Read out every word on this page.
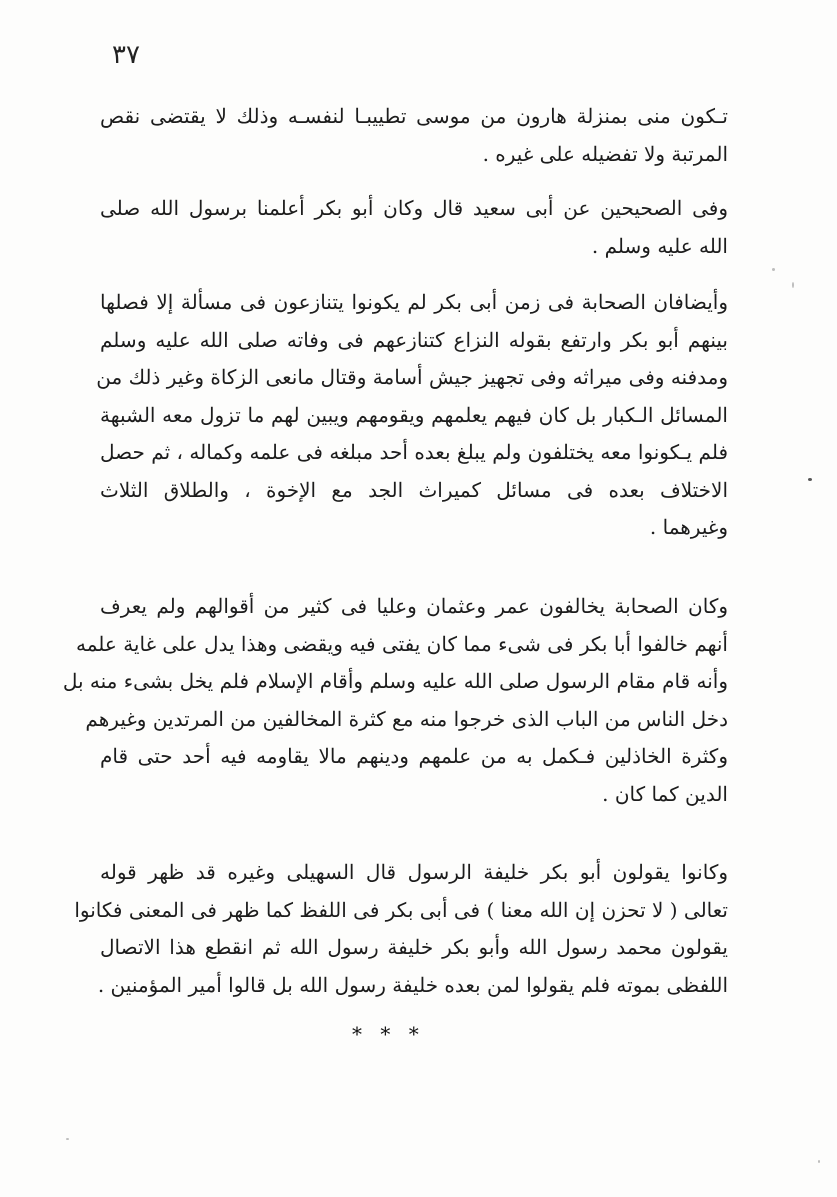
٣٧
تـكون منى بمنزلة هارون من موسى تطييبـا لنفسـه وذلك لا يقتضى نقص
المرتبة ولا تفضيله على غيره .
وفى الصحيحين عن أبى سعيد قال وكان أبو بكر أعلمنا برسول الله صلى
الله عليه وسلم .
وأيضافان الصحابة فى زمن أبى بكر لم يكونوا يتنازعون فى مسألة إلا فصلها
بينهم أبو بكر وارتفع بقوله النزاع كتنازعهم فى وفاته صلى الله عليه وسلم
ومدفنه وفى ميراثه وفى تجهيز جيش أسامة وقتال مانعى الزكاة وغير ذلك من
المسائل الـكبار بل كان فيهم يعلمهم ويقومهم ويبين لهم ما تزول معه الشبهة
فلم يـكونوا معه يختلفون ولم يبلغ بعده أحد مبلغه فى علمه وكماله ، ثم حصل
الاختلاف بعده فى مسائل كميراث الجد مع الإخوة ، والطلاق الثلاث
وغيرهما .
وكان الصحابة يخالفون عمر وعثمان وعليا فى كثير من أقوالهم ولم يعرف
أنهم خالفوا أبا بكر فى شىء مما كان يفتى فيه ويقضى وهذا يدل على غاية علمه
وأنه قام مقام الرسول صلى الله عليه وسلم وأقام الإسلام فلم يخل بشىء منه بل
دخل الناس من الباب الذى خرجوا منه مع كثرة المخالفين من المرتدين وغيرهم
وكثرة الخاذلين فـكمل به من علمهم ودينهم مالا يقاومه فيه أحد حتى قام
الدين كما كان .
وكانوا يقولون أبو بكر خليفة الرسول قال السهيلى وغيره قد ظهر قوله
تعالى ( لا تحزن إن الله معنا ) فى أبى بكر فى اللفظ كما ظهر فى المعنى فكانوا
يقولون محمد رسول الله وأبو بكر خليفة رسول الله ثم انقطع هذا الاتصال
اللفظى بموته فلم يقولوا لمن بعده خليفة رسول الله بل قالوا أمير المؤمنين .
* * *
